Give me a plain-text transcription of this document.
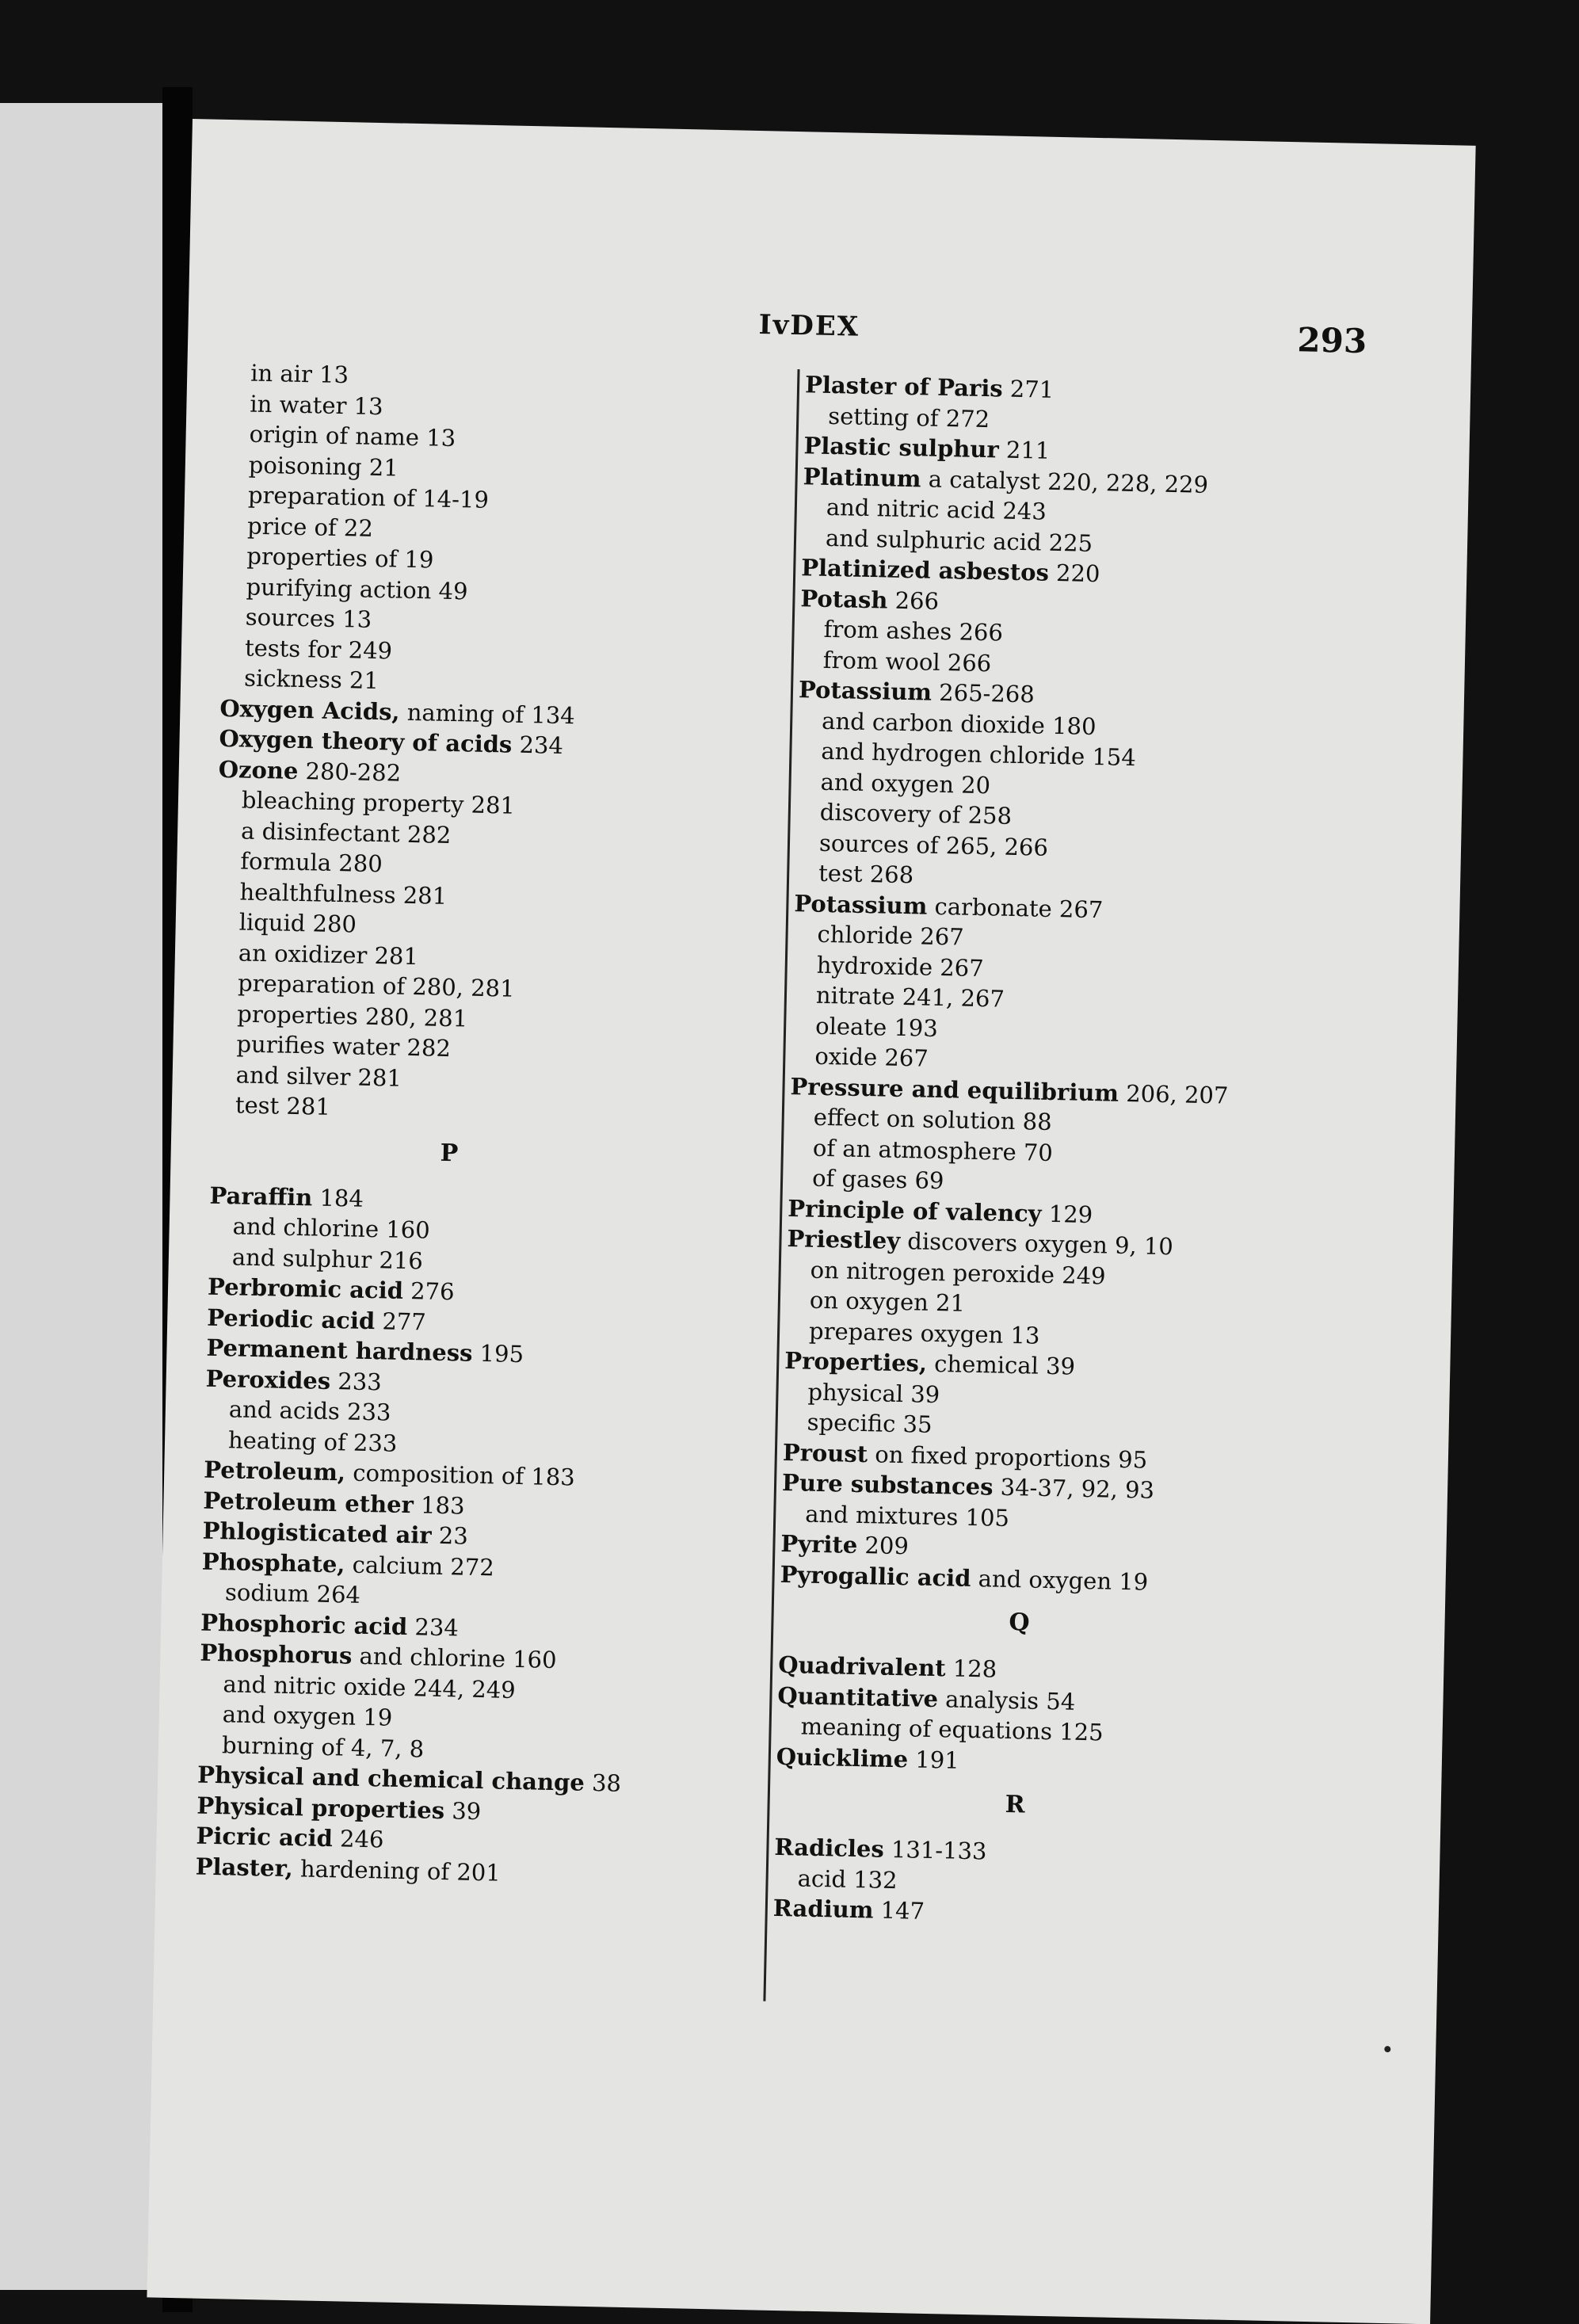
IⅴDEX	293
in air 13
in water 13
origin of name 13
poisoning 21
preparation of 14-19
price of 22
properties of 19
purifying action 49
sources 13
tests for 249
sickness 21
Oxygen Acids, naming of 134
Oxygen theory of acids 234
Ozone 280-282
bleaching property 281
a disinfectant 282
formula 280
healthfulness 281
liquid 280
an oxidizer 281
preparation of 280, 281
properties 280, 281
purifies water 282
and silver 281
test 281
P
Paraffin 184
and chlorine 160
and sulphur 216
Perbromic acid 276
Periodic acid 277
Permanent hardness 195
Peroxides 233
and acids 233
heating of 233
Petroleum, composition of 183
Petroleum ether 183
Phlogisticated air 23
Phosphate, calcium 272
sodium 264
Phosphoric acid 234
Phosphorus and chlorine 160
and nitric oxide 244, 249
and oxygen 19
burning of 4, 7, 8
Physical and chemical change 38
Physical properties 39
Picric acid 246
Plaster, hardening of 201
Plaster of Paris 271
setting of 272
Plastic sulphur 211
Platinum a catalyst 220, 228, 229
and nitric acid 243
and sulphuric acid 225
Platinized asbestos 220
Potash 266
from ashes 266
from wool 266
Potassium 265-268
and carbon dioxide 180
and hydrogen chloride 154
and oxygen 20
discovery of 258
sources of 265, 266
test 268
Potassium carbonate 267
chloride 267
hydroxide 267
nitrate 241, 267
oleate 193
oxide 267
Pressure and equilibrium 206, 207
effect on solution 88
of an atmosphere 70
of gases 69
Principle of valency 129
Priestley discovers oxygen 9, 10
on nitrogen peroxide 249
on oxygen 21
prepares oxygen 13
Properties, chemical 39
physical 39
specific 35
Proust on fixed proportions 95
Pure substances 34-37, 92, 93
and mixtures 105
Pyrite 209
Pyrogallic acid and oxygen 19
Q
Quadrivalent 128
Quantitative analysis 54
meaning of equations 125
Quicklime 191
R
Radicles 131-133
acid 132
Radium 147
